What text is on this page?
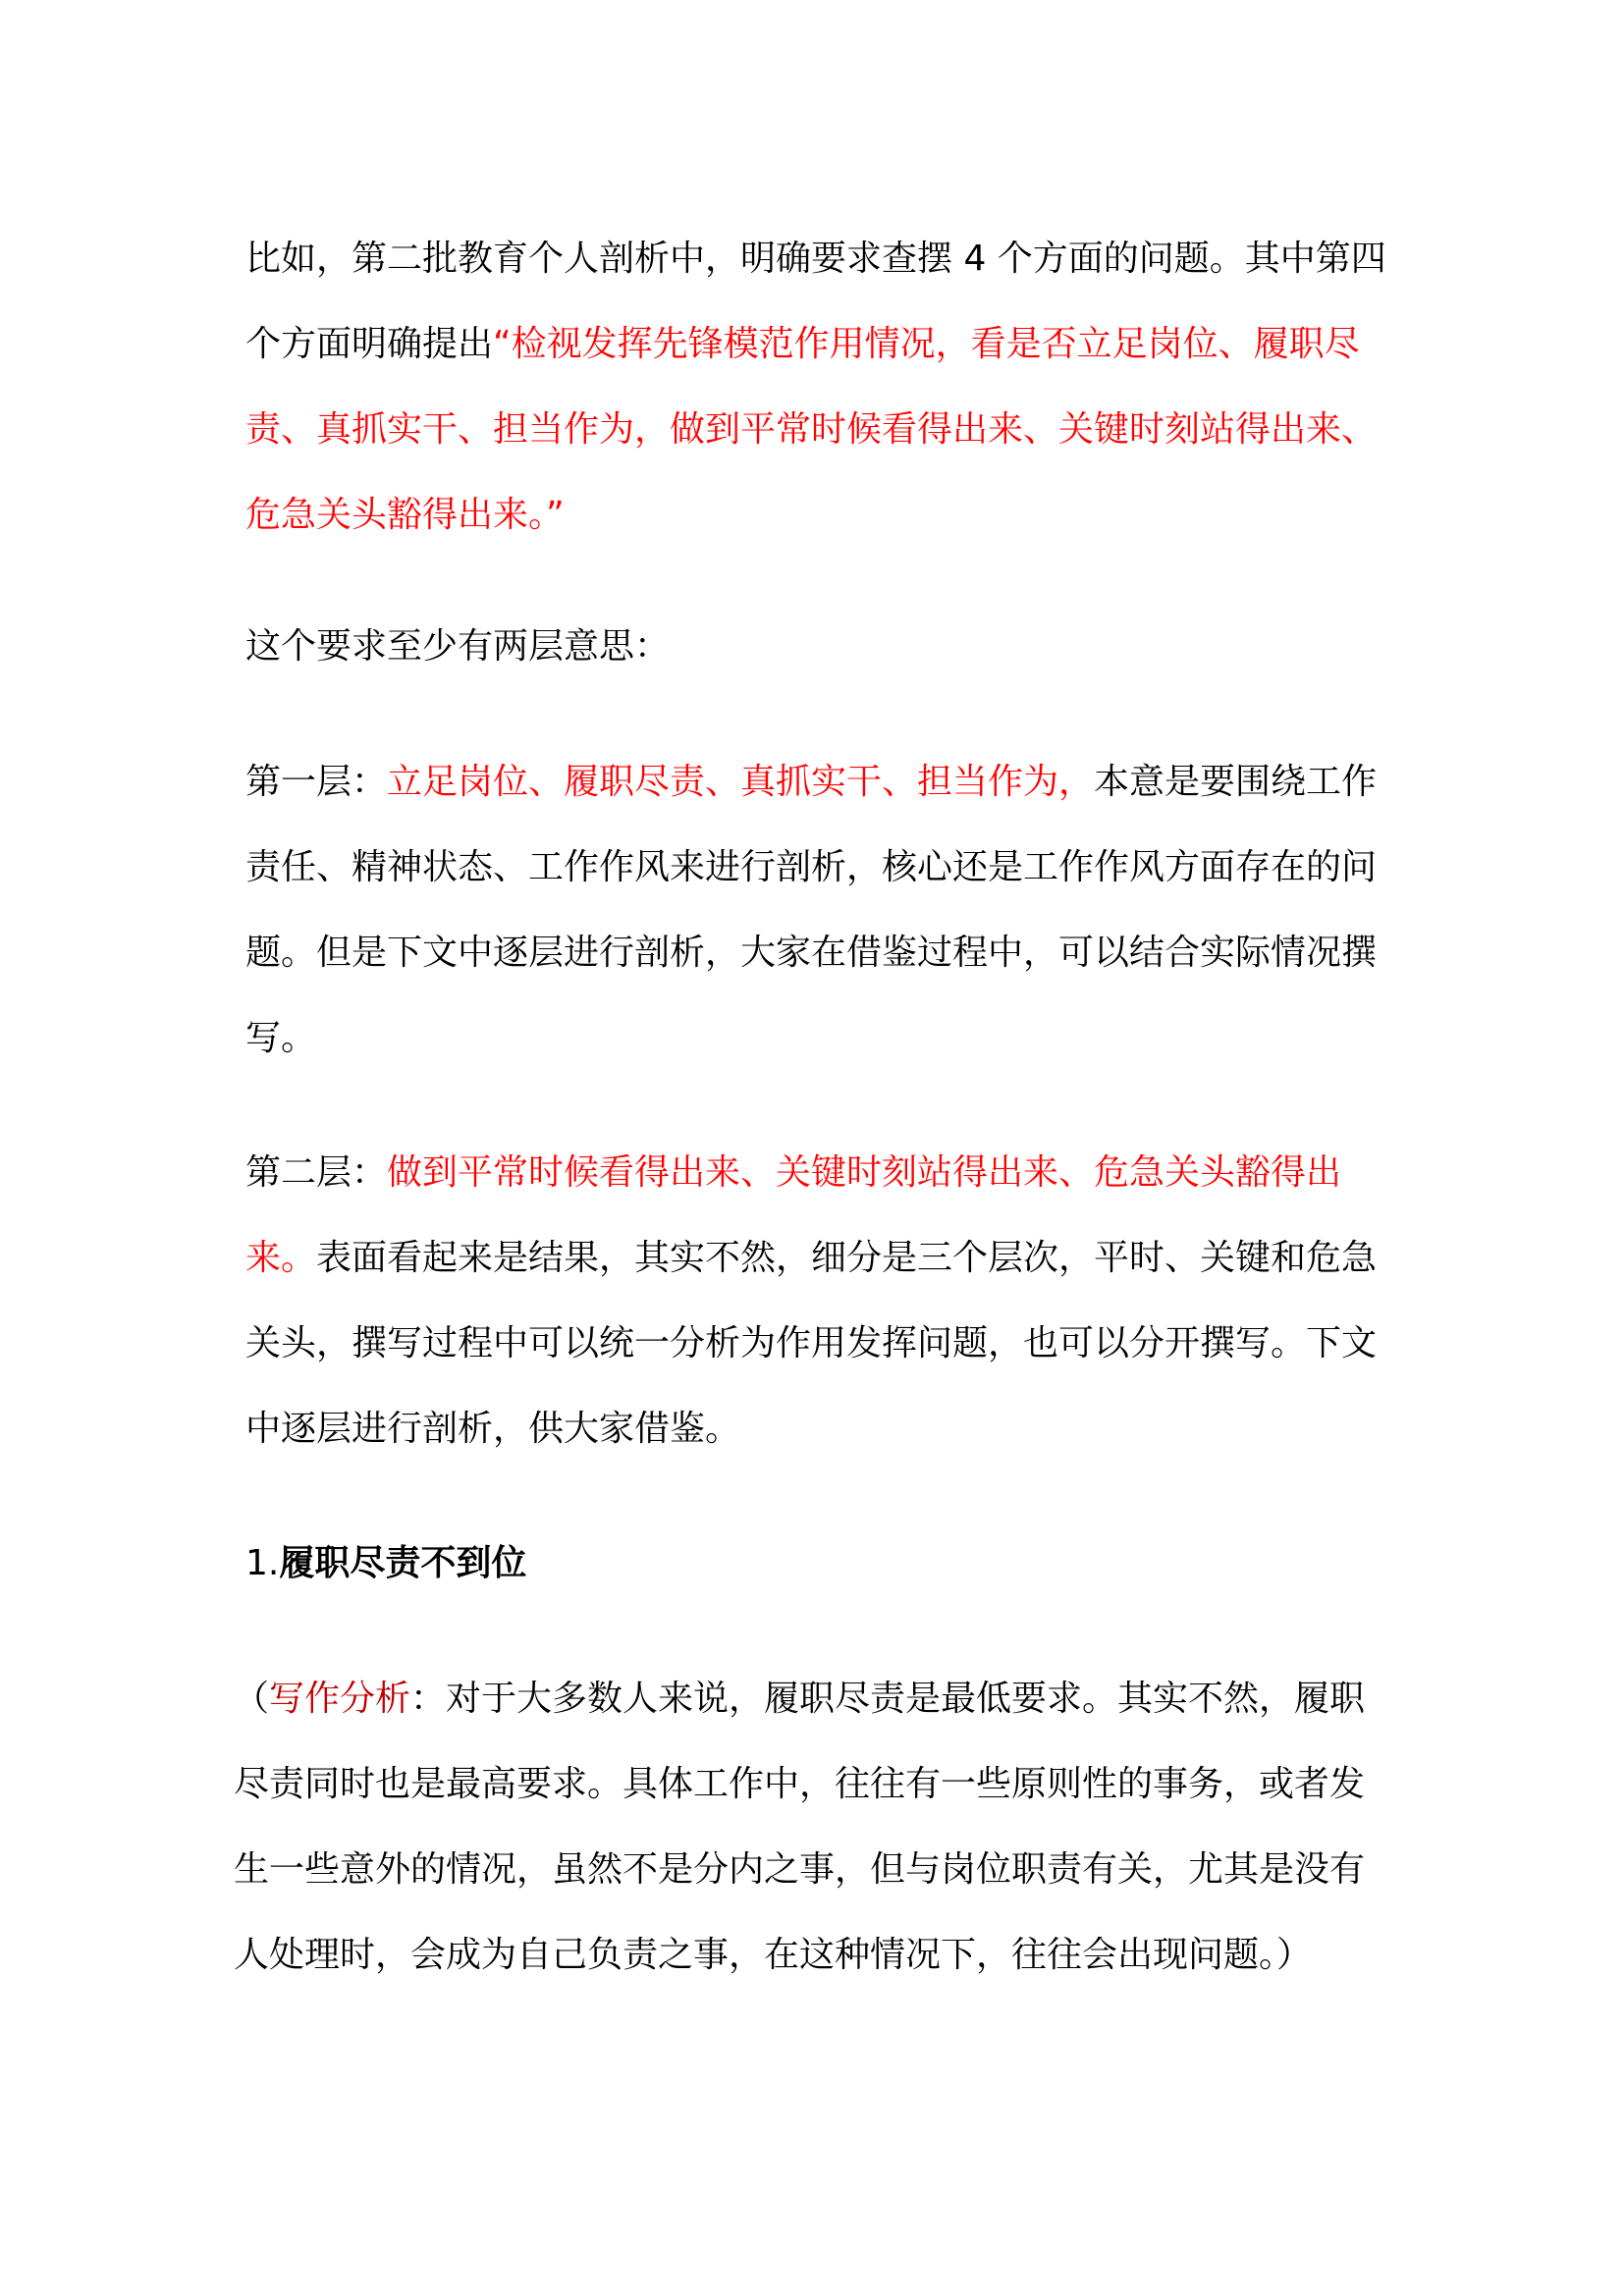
比如，第二批教育个人剖析中，明确要求查摆 4 个方面的问题。其中第四个方面明确提出“检视发挥先锋模范作用情况，看是否立足岗位、履职尽责、真抓实干、担当作为，做到平常时候看得出来、关键时刻站得出来、危急关头豁得出来。”

这个要求至少有两层意思：

第一层：立足岗位、履职尽责、真抓实干、担当作为，本意是要围绕工作责任、精神状态、工作作风来进行剖析，核心还是工作作风方面存在的问题。但是下文中逐层进行剖析，大家在借鉴过程中，可以结合实际情况撰写。

第二层：做到平常时候看得出来、关键时刻站得出来、危急关头豁得出来。表面看起来是结果，其实不然，细分是三个层次，平时、关键和危急关头，撰写过程中可以统一分析为作用发挥问题，也可以分开撰写。下文中逐层进行剖析，供大家借鉴。

1.履职尽责不到位

（写作分析：对于大多数人来说，履职尽责是最低要求。其实不然，履职尽责同时也是最高要求。具体工作中，往往有一些原则性的事务，或者发生一些意外的情况，虽然不是分内之事，但与岗位职责有关，尤其是没有人处理时，会成为自己负责之事，在这种情况下，往往会出现问题。）
